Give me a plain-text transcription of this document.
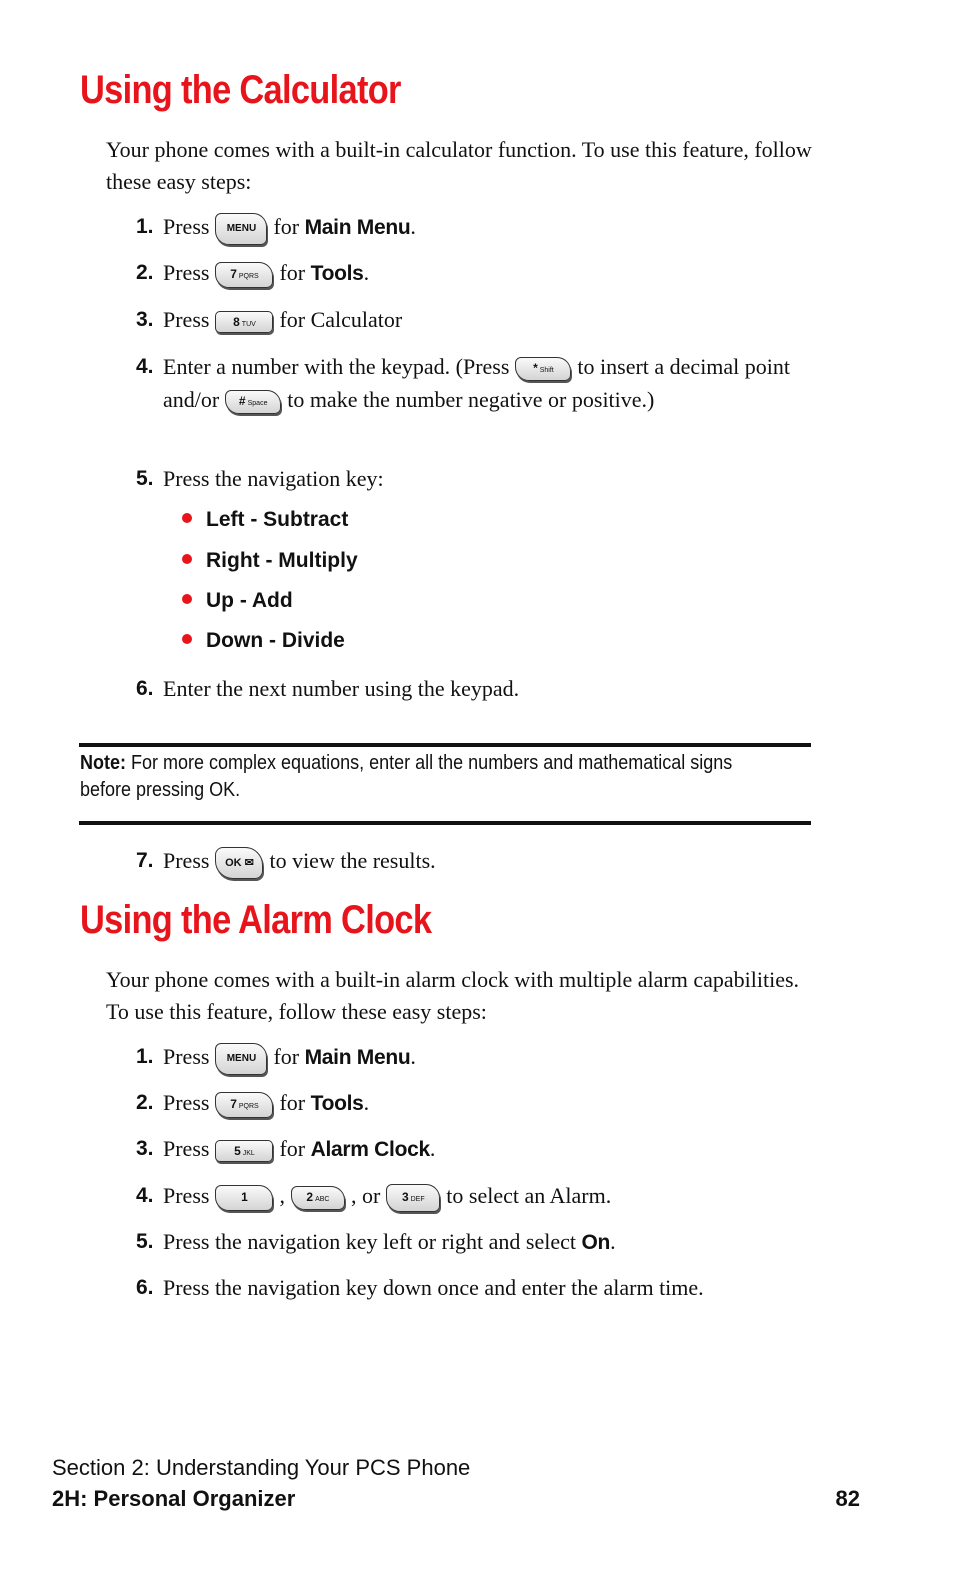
Using the Calculator

Your phone comes with a built-in calculator function. To use this feature, follow these easy steps:

1. Press MENU for Main Menu.
2. Press 7 PQRS for Tools.
3. Press 8 TUV for Calculator
4. Enter a number with the keypad. (Press * Shift to insert a decimal point and/or # Space to make the number negative or positive.)
5. Press the navigation key:
Left - Subtract
Right - Multiply
Up - Add
Down - Divide
6. Enter the next number using the keypad.
Note: For more complex equations, enter all the numbers and mathematical signs before pressing OK.
7. Press OK ✉ to view the results.
Using the Alarm Clock

Your phone comes with a built-in alarm clock with multiple alarm capabilities. To use this feature, follow these easy steps:

1. Press MENU for Main Menu.
2. Press 7 PQRS for Tools.
3. Press 5 JKL for Alarm Clock.
4. Press	1 , 2 ABC , or 3 DEF to select an Alarm.
5. Press the navigation key left or right and select On.
6. Press the navigation key down once and enter the alarm time.
Section 2: Understanding Your PCS Phone
2H: Personal Organizer	82
